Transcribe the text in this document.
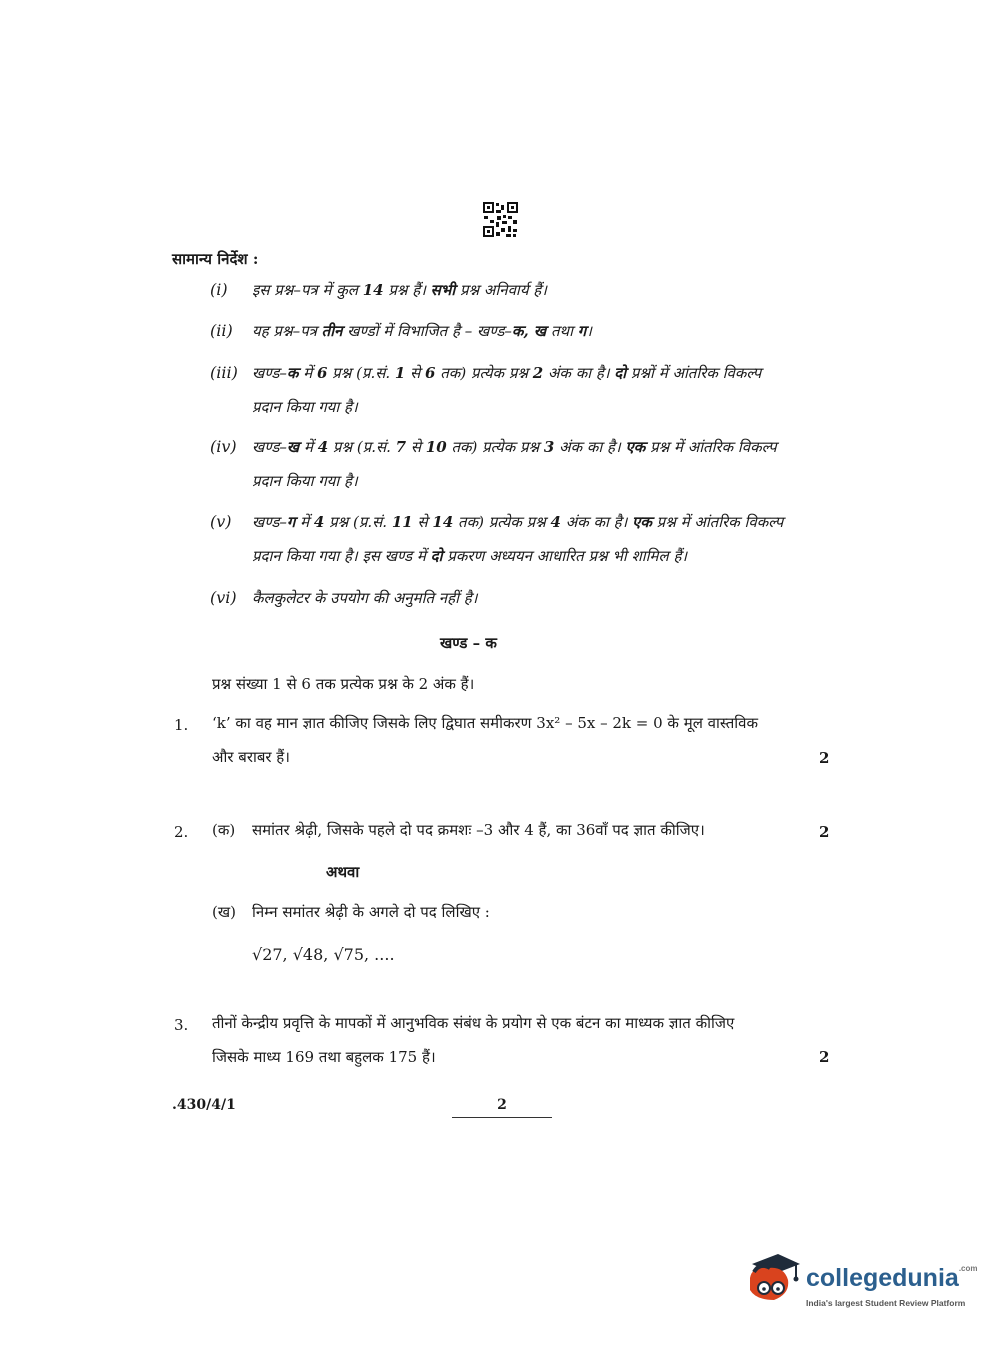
सामान्य निर्देश :
(i) इस प्रश्न–पत्र में कुल 14 प्रश्न हैं। सभी प्रश्न अनिवार्य हैं।
(ii) यह प्रश्न–पत्र तीन खण्डों में विभाजित है – खण्ड–क, ख तथा ग।
(iii) खण्ड–क में 6 प्रश्न (प्र.सं. 1 से 6 तक) प्रत्येक प्रश्न 2 अंक का है। दो प्रश्नों में आंतरिक विकल्प
प्रदान किया गया है।
(iv) खण्ड–ख में 4 प्रश्न (प्र.सं. 7 से 10 तक) प्रत्येक प्रश्न 3 अंक का है। एक प्रश्न में आंतरिक विकल्प
प्रदान किया गया है।
(v) खण्ड–ग में 4 प्रश्न (प्र.सं. 11 से 14 तक) प्रत्येक प्रश्न 4 अंक का है। एक प्रश्न में आंतरिक विकल्प
प्रदान किया गया है। इस खण्ड में दो प्रकरण अध्ययन आधारित प्रश्न भी शामिल हैं।
(vi) कैलकुलेटर के उपयोग की अनुमति नहीं है।
खण्ड – क
प्रश्न संख्या 1 से 6 तक प्रत्येक प्रश्न के 2 अंक हैं।
1. ‘k’ का वह मान ज्ञात कीजिए जिसके लिए द्विघात समीकरण 3x² – 5x – 2k = 0 के मूल वास्तविक
और बराबर हैं।	2
2. (क) समांतर श्रेढ़ी, जिसके पहले दो पद क्रमशः –3 और 4 हैं, का 36वाँ पद ज्ञात कीजिए।	2
अथवा
(ख) निम्न समांतर श्रेढ़ी के अगले दो पद लिखिए :
√27, √48, √75, ....
3. तीनों केन्द्रीय प्रवृत्ति के मापकों में आनुभविक संबंध के प्रयोग से एक बंटन का माध्यक ज्ञात कीजिए
जिसके माध्य 169 तथा बहुलक 175 हैं।	2
.430/4/1	2
collegedunia$^{.com}$
India's largest Student Review Platform
